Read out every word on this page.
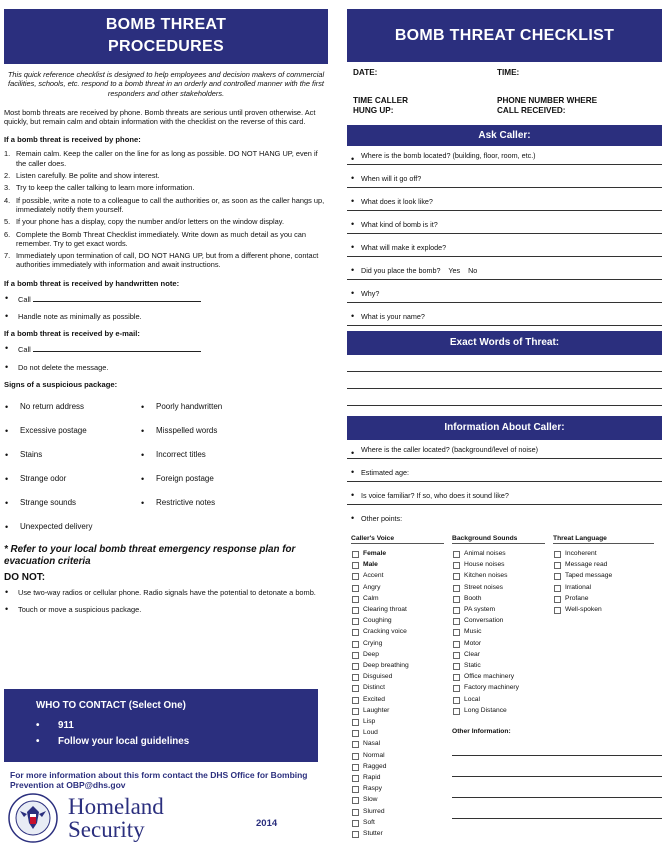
BOMB THREAT
PROCEDURES
This quick reference checklist is designed to help employees and decision makers of commercial facilities, schools, etc. respond to a bomb threat in an orderly and controlled manner with the first responders and other stakeholders.
Most bomb threats are received by phone. Bomb threats are serious until proven otherwise. Act quickly, but remain calm and obtain information with the checklist on the reverse of this card.
If a bomb threat is received by phone:
1. Remain calm. Keep the caller on the line for as long as possible. DO NOT HANG UP, even if the caller does.
2. Listen carefully. Be polite and show interest.
3. Try to keep the caller talking to learn more information.
4. If possible, write a note to a colleague to call the authorities or, as soon as the caller hangs up, immediately notify them yourself.
5. If your phone has a display, copy the number and/or letters on the window display.
6. Complete the Bomb Threat Checklist immediately. Write down as much detail as you can remember. Try to get exact words.
7. Immediately upon termination of call, DO NOT HANG UP, but from a different phone, contact authorities immediately with information and await instructions.
If a bomb threat is received by handwritten note:
• Call
• Handle note as minimally as possible.
If a bomb threat is received by e-mail:
• Call
• Do not delete the message.
Signs of a suspicious package:
• No return address	• Poorly handwritten
• Excessive postage	• Misspelled words
• Stains	• Incorrect titles
• Strange odor	• Foreign postage
• Strange sounds	• Restrictive notes
• Unexpected delivery
* Refer to your local bomb threat emergency response plan for evacuation criteria
DO NOT:
• Use two-way radios or cellular phone. Radio signals have the potential to detonate a bomb.
• Touch or move a suspicious package.
WHO TO CONTACT (Select One)
• 911
• Follow your local guidelines
For more information about this form contact the DHS Office for Bombing Prevention at OBP@dhs.gov
Homeland
Security	2014
BOMB THREAT CHECKLIST
DATE:	TIME:
TIME CALLER HUNG UP:
PHONE NUMBER WHERE CALL RECEIVED:
Ask Caller:
• Where is the bomb located? (building, floor, room, etc.)
• When will it go off?
• What does it look like?
• What kind of bomb is it?
• What will make it explode?
• Did you place the bomb?    Yes    No
• Why?
• What is your name?
Exact Words of Threat:
Information About Caller:
• Where is the caller located? (background/level of noise)
• Estimated age:
• Is voice familiar? If so, who does it sound like?
• Other points:
Caller's Voice
Female
Male
Accent
Angry
Calm
Clearing throat
Coughing
Cracking voice
Crying
Deep
Deep breathing
Disguised
Distinct
Excited
Laughter
Lisp
Loud
Nasal
Normal
Ragged
Rapid
Raspy
Slow
Slurred
Soft
Stutter
Background Sounds
Animal noises
House noises
Kitchen noises
Street noises
Booth
PA system
Conversation
Music
Motor
Clear
Static
Office machinery
Factory machinery
Local
Long Distance
Other Information:
Threat Language
Incoherent
Message read
Taped message
Irrational
Profane
Well-spoken
